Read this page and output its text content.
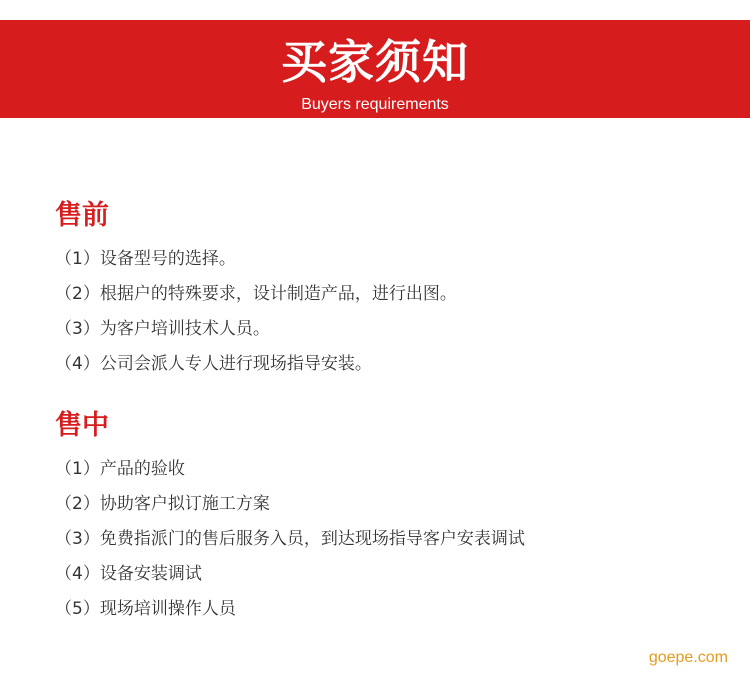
买家须知
Buyers requirements
售前
（1）设备型号的选择。
（2）根据户的特殊要求，设计制造产品，进行出图。
（3）为客户培训技术人员。
（4）公司会派人专人进行现场指导安装。
售中
（1）产品的验收
（2）协助客户拟订施工方案
（3）免费指派门的售后服务入员，到达现场指导客户安表调试
（4）设备安装调试
（5）现场培训操作人员
goepe.com
